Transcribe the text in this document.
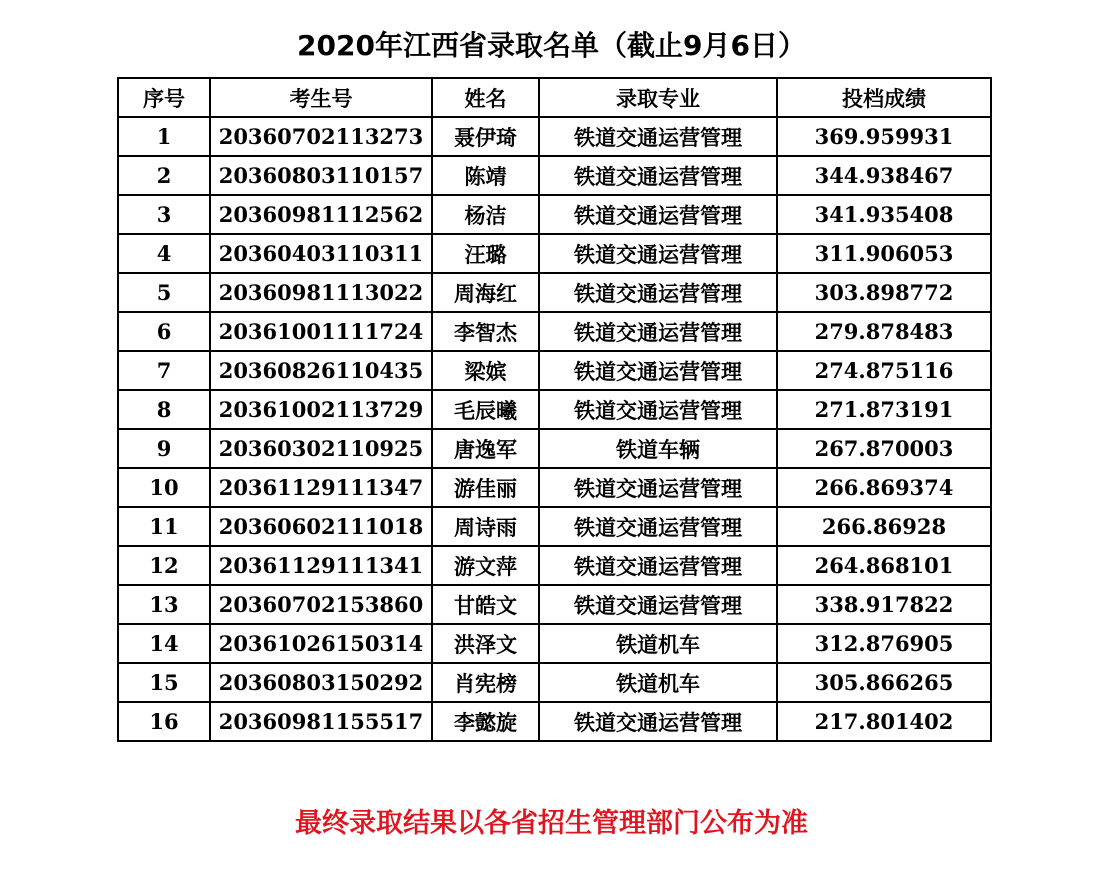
2020年江西省录取名单（截止9月6日）
序号	考生号	姓名	录取专业	投档成绩
1	20360702113273	聂伊琦	铁道交通运营管理	369.959931
2	20360803110157	陈靖	铁道交通运营管理	344.938467
3	20360981112562	杨洁	铁道交通运营管理	341.935408
4	20360403110311	汪璐	铁道交通运营管理	311.906053
5	20360981113022	周海红	铁道交通运营管理	303.898772
6	20361001111724	李智杰	铁道交通运营管理	279.878483
7	20360826110435	梁嫔	铁道交通运营管理	274.875116
8	20361002113729	毛辰曦	铁道交通运营管理	271.873191
9	20360302110925	唐逸军	铁道车辆	267.870003
10	20361129111347	游佳丽	铁道交通运营管理	266.869374
11	20360602111018	周诗雨	铁道交通运营管理	266.86928
12	20361129111341	游文萍	铁道交通运营管理	264.868101
13	20360702153860	甘皓文	铁道交通运营管理	338.917822
14	20361026150314	洪泽文	铁道机车	312.876905
15	20360803150292	肖宪榜	铁道机车	305.866265
16	20360981155517	李懿旋	铁道交通运营管理	217.801402
最终录取结果以各省招生管理部门公布为准
